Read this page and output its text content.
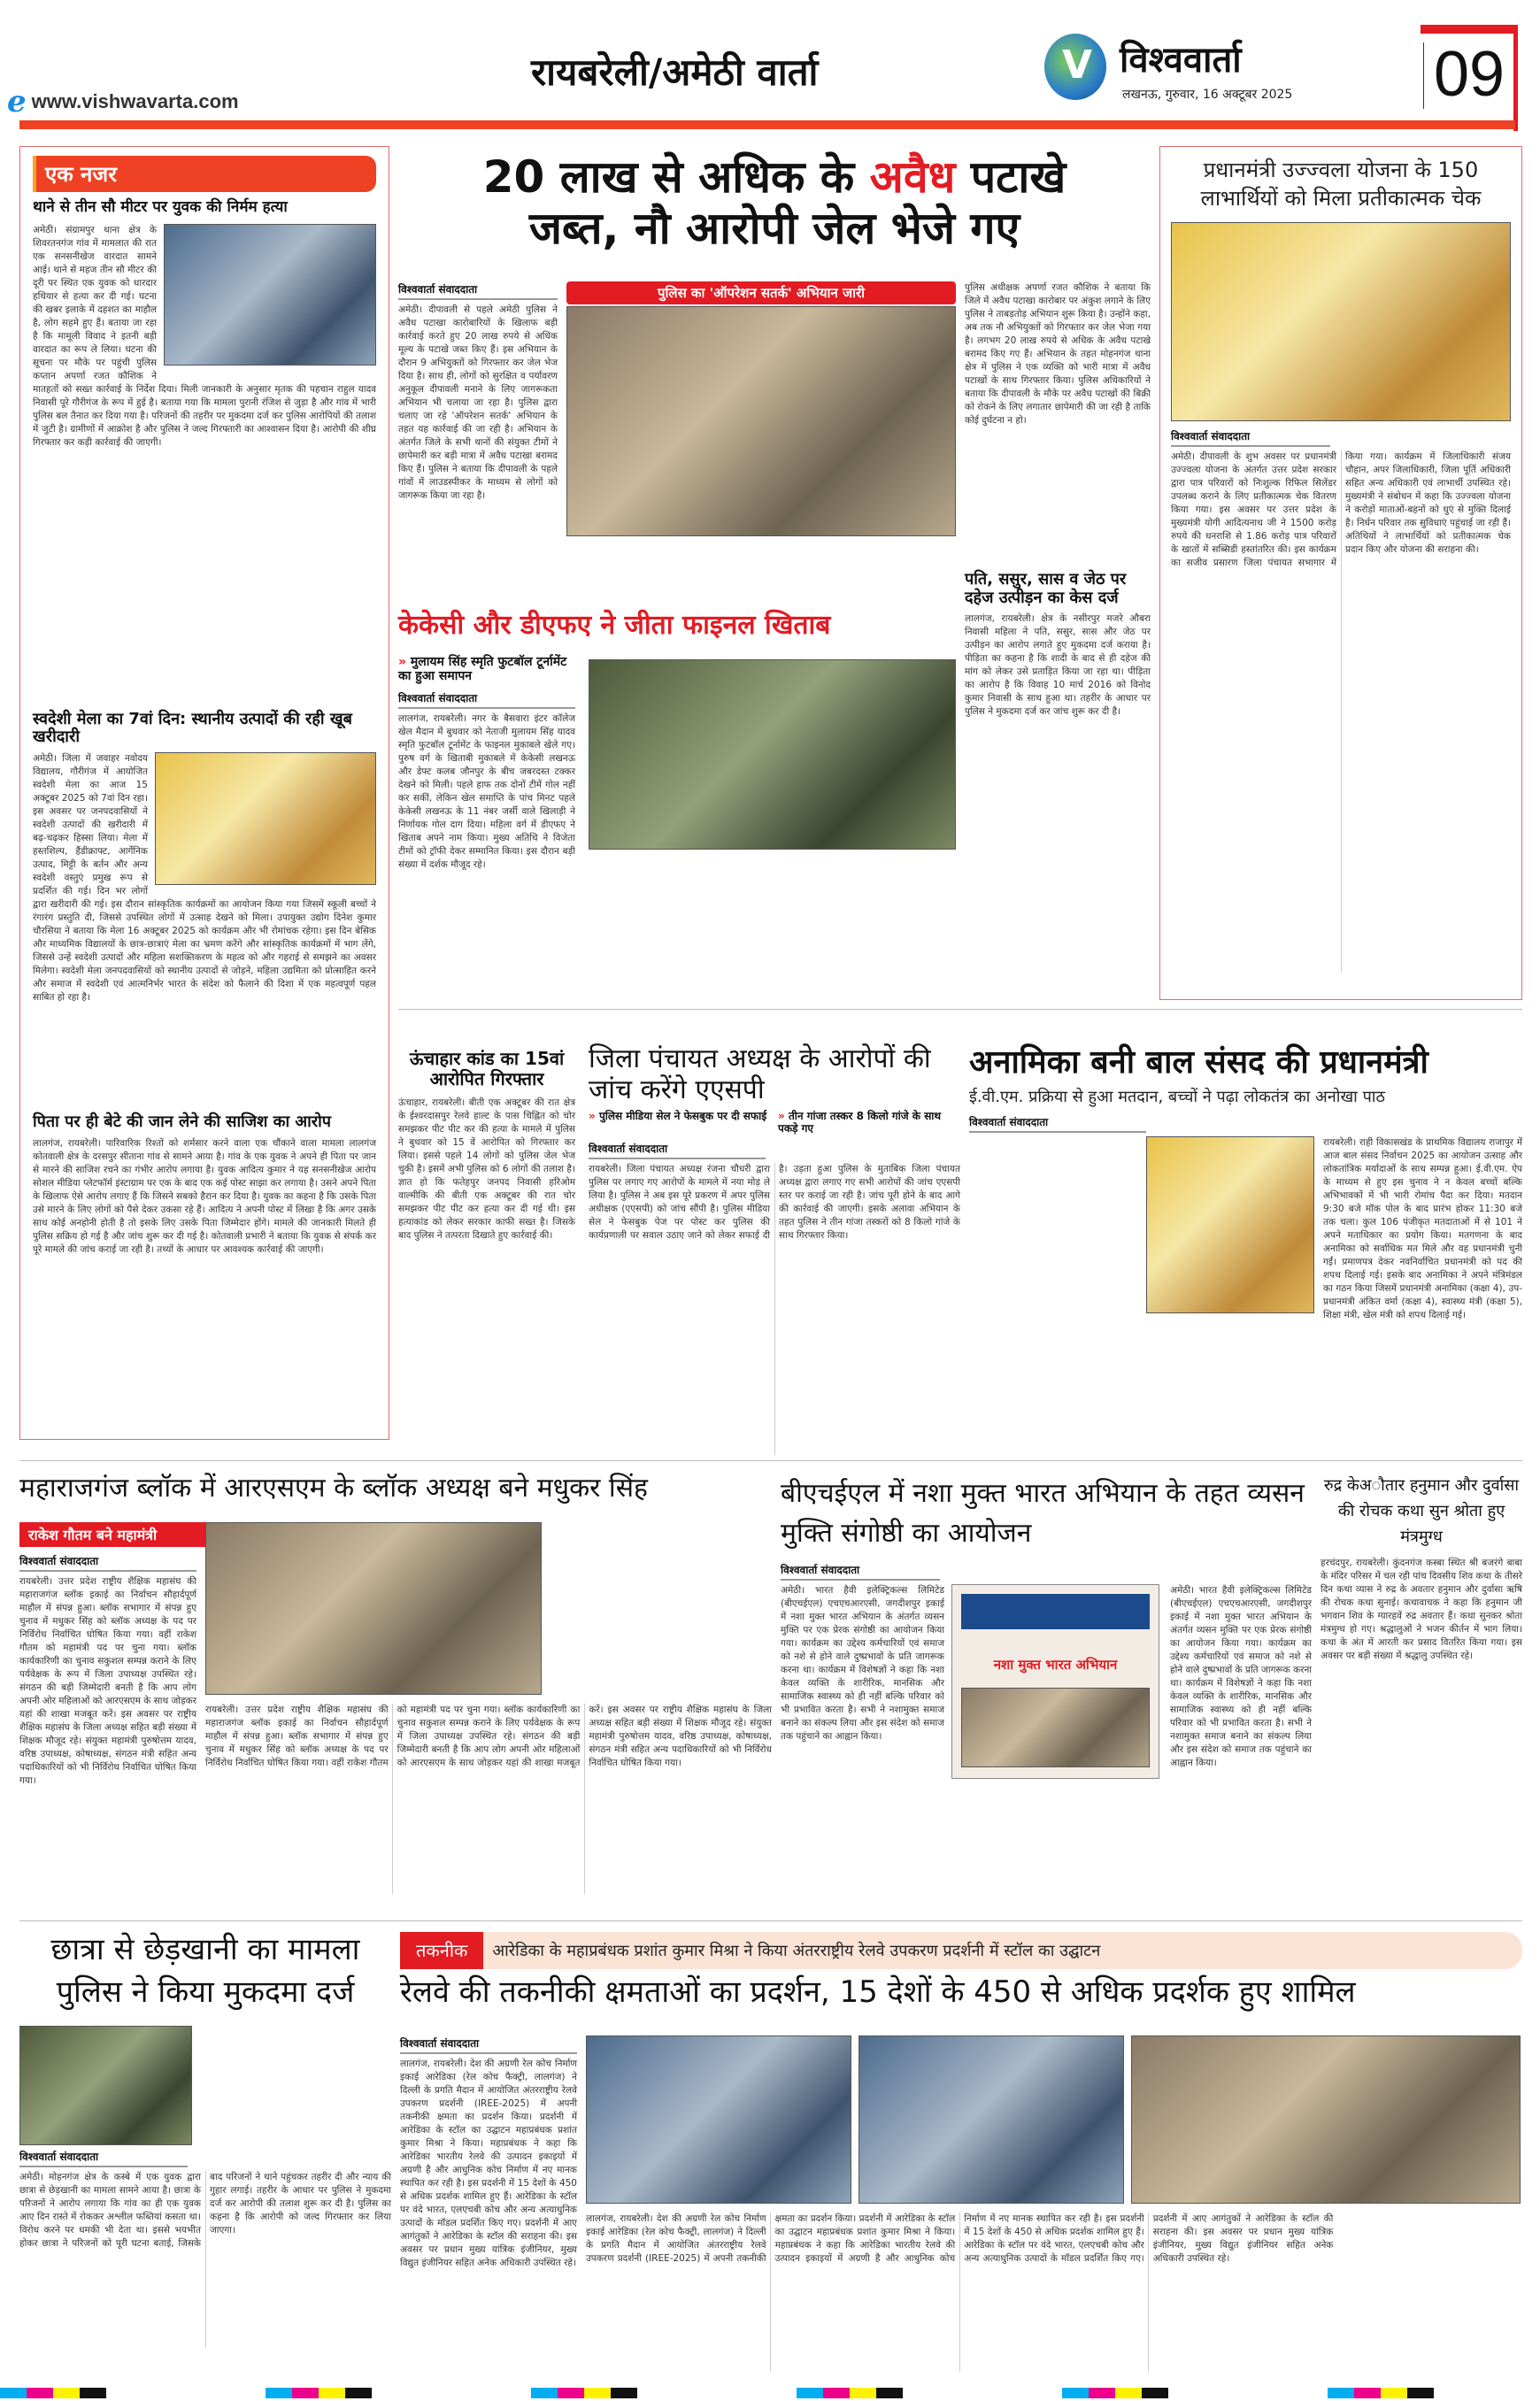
e www.vishwavarta.com
रायबरेली/अमेठी वार्ता	V विश्ववार्ता
लखनऊ, गुरुवार, 16 अक्टूबर 2025 09
एक नजर
थाने से तीन सौ मीटर पर युवक की निर्मम हत्या
अमेठी। संग्रामपुर थाना क्षेत्र के शिवरतनगंज गांव में मामलात की रात एक सनसनीखेज वारदात सामने आई। थाने से महज तीन सौ मीटर की दूरी पर स्थित एक युवक को धारदार हथियार से हत्या कर दी गई। घटना की खबर इलाके में दहशत का माहौल है, लोग सहमे हुए हैं। बताया जा रहा है कि मामूली विवाद ने इतनी बड़ी वारदात का रूप ले लिया। घटना की सूचना पर मौके पर पहुंची पुलिस कप्तान अपर्णा रजत कौशिक ने मातहतों को सख्त कार्रवाई के निर्देश दिया। मिली जानकारी के अनुसार मृतक की पहचान राहुल यादव निवासी पूरे गौरीगंज के रूप में हुई है। बताया गया कि मामला पुरानी रंजिश से जुड़ा है और गांव में भारी पुलिस बल तैनात कर दिया गया है। परिजनों की तहरीर पर मुकदमा दर्ज कर पुलिस आरोपियों की तलाश में जुटी है। ग्रामीणों में आक्रोश है और पुलिस ने जल्द गिरफ्तारी का आश्वासन दिया है। आरोपी की शीघ्र गिरफ्तार कर कड़ी कार्रवाई की जाएगी।
स्वदेशी मेला का 7वां दिन: स्थानीय उत्पादों की रही खूब खरीदारी
अमेठी। जिला में जवाहर नवोदय विद्यालय, गौरीगंज में आयोजित स्वदेशी मेला का आज 15 अक्टूबर 2025 को 7वां दिन रहा। इस अवसर पर जनपदवासियों ने स्वदेशी उत्पादों की खरीदारी में बढ़-चढ़कर हिस्सा लिया। मेला में हस्तशिल्प, हैंडीक्राफ्ट, आर्गेनिक उत्पाद, मिट्टी के बर्तन और अन्य स्वदेशी वस्तुएं प्रमुख रूप से प्रदर्शित की गई। दिन भर लोगों द्वारा खरीदारी की गई। इस दौरान सांस्कृतिक कार्यक्रमों का आयोजन किया गया जिसमें स्कूली बच्चों ने रंगारंग प्रस्तुति दी, जिससे उपस्थित लोगों में उत्साह देखने को मिला। उपायुक्त उद्योग दिनेश कुमार चौरसिया ने बताया कि मेला 16 अक्टूबर 2025 को कार्यक्रम और भी रोमांचक रहेगा। इस दिन बेसिक और माध्यमिक विद्यालयों के छात्र-छात्राएं मेला का भ्रमण करेंगे और सांस्कृतिक कार्यक्रमों में भाग लेंगे, जिससे उन्हें स्वदेशी उत्पादों और महिला सशक्तिकरण के महत्व को और गहराई से समझने का अवसर मिलेगा। स्वदेशी मेला जनपदवासियों को स्थानीय उत्पादों से जोड़ने, महिला उद्यमिता को प्रोत्साहित करने और समाज में स्वदेशी एवं आत्मनिर्भर भारत के संदेश को फैलाने की दिशा में एक महत्वपूर्ण पहल साबित हो रहा है।
पिता पर ही बेटे की जान लेने की साजिश का आरोप
लालगंज, रायबरेली। पारिवारिक रिश्तों को शर्मसार करने वाला एक चौंकाने वाला मामला लालगंज कोतवाली क्षेत्र के दरसपुर सीताना गांव से सामने आया है। गांव के एक युवक ने अपने ही पिता पर जान से मारने की साजिश रचने का गंभीर आरोप लगाया है। युवक आदित्य कुमार ने यह सनसनीखेज आरोप सोशल मीडिया प्लेटफॉर्म इंस्टाग्राम पर एक के बाद एक कई पोस्ट साझा कर लगाया है। उसने अपने पिता के खिलाफ ऐसे आरोप लगाए हैं कि जिसने सबको हैरान कर दिया है। युवक का कहना है कि उसके पिता उसे मारने के लिए लोगों को पैसे देकर उकसा रहे हैं। आदित्य ने अपनी पोस्ट में लिखा है कि अगर उसके साथ कोई अनहोनी होती है तो इसके लिए उसके पिता जिम्मेदार होंगे। मामले की जानकारी मिलते ही पुलिस सक्रिय हो गई है और जांच शुरू कर दी गई है। कोतवाली प्रभारी ने बताया कि युवक से संपर्क कर पूरे मामले की जांच कराई जा रही है। तथ्यों के आधार पर आवश्यक कार्रवाई की जाएगी।
20 लाख से अधिक के अवैध पटाखे
जब्त, नौ आरोपी जेल भेजे गए
विश्ववार्ता संवाददाता
अमेठी। दीपावली से पहले अमेठी पुलिस ने अवैध पटाखा कारोबारियों के खिलाफ बड़ी कार्रवाई करते हुए 20 लाख रुपये से अधिक मूल्य के पटाखे जब्त किए हैं। इस अभियान के दौरान 9 अभियुक्तों को गिरफ्तार कर जेल भेज दिया है। साथ ही, लोगों को सुरक्षित व पर्यावरण अनुकूल दीपावली मनाने के लिए जागरूकता अभियान भी चलाया जा रहा है। पुलिस द्वारा चलाए जा रहे 'ऑपरेशन सतर्क' अभियान के तहत यह कार्रवाई की जा रही है। अभियान के अंतर्गत जिले के सभी थानों की संयुक्त टीमों ने छापेमारी कर बड़ी मात्रा में अवैध पटाखा बरामद किए हैं। पुलिस ने बताया कि दीपावली के पहले गांवों में लाउडस्पीकर के माध्यम से लोगों को जागरूक किया जा रहा है।
पुलिस का 'ऑपरेशन सतर्क' अभियान जारी	पुलिस अधीक्षक अपर्णा रजत कौशिक ने बताया कि जिले में अवैध पटाखा कारोबार पर अंकुश लगाने के लिए पुलिस ने ताबड़तोड़ अभियान शुरू किया है। उन्होंने कहा, अब तक नौ अभियुक्तों को गिरफ्तार कर जेल भेजा गया है। लगभग 20 लाख रुपये से अधिक के अवैध पटाखे बरामद किए गए हैं। अभियान के तहत मोहनगंज थाना क्षेत्र में पुलिस ने एक व्यक्ति को भारी मात्रा में अवैध पटाखों के साथ गिरफ्तार किया। पुलिस अधिकारियों ने बताया कि दीपावली के मौके पर अवैध पटाखों की बिक्री को रोकने के लिए लगातार छापेमारी की जा रही है ताकि कोई दुर्घटना न हो।
केकेसी और डीएफए ने जीता फाइनल खिताब
» मुलायम सिंह स्मृति फुटबॉल टूर्नामेंट का हुआ समापन
विश्ववार्ता संवाददाता
लालगंज, रायबरेली। नगर के बैसवारा इंटर कॉलेज खेल मैदान में बुधवार को नेताजी मुलायम सिंह यादव स्मृति फुटबॉल टूर्नामेंट के फाइनल मुकाबले खेले गए। पुरुष वर्ग के खिताबी मुकाबले में केकेसी लखनऊ और डेफ्ट कलब जौनपुर के बीच जबरदस्त टक्कर देखने को मिली। पहले हाफ तक दोनों टीमें गोल नहीं कर सकीं, लेकिन खेल समाप्ति के पांच मिनट पहले केकेसी लखनऊ के 11 नंबर जर्सी वाले खिलाड़ी ने निर्णायक गोल दाग दिया। महिला वर्ग में डीएफए ने खिताब अपने नाम किया। मुख्य अतिथि ने विजेता टीमों को ट्रॉफी देकर सम्मानित किया। इस दौरान बड़ी संख्या में दर्शक मौजूद रहे।
पति, ससुर, सास व जेठ पर दहेज उत्पीड़न का केस दर्ज
लालगंज, रायबरेली। क्षेत्र के नसीरपुर मजरे औबरा निवासी महिला ने पति, ससुर, सास और जेठ पर उत्पीड़न का आरोप लगाते हुए मुकदमा दर्ज कराया है। पीड़िता का कहना है कि शादी के बाद से ही दहेज की मांग को लेकर उसे प्रताड़ित किया जा रहा था। पीड़िता का आरोप है कि विवाह 10 मार्च 2016 को विनोद कुमार निवासी के साथ हुआ था। तहरीर के आधार पर पुलिस ने मुकदमा दर्ज कर जांच शुरू कर दी है।
प्रधानमंत्री उज्ज्वला योजना के 150 लाभार्थियों को मिला प्रतीकात्मक चेक
विश्ववार्ता संवाददाता
अमेठी। दीपावली के शुभ अवसर पर प्रधानमंत्री उज्ज्वला योजना के अंतर्गत उत्तर प्रदेश सरकार द्वारा पात्र परिवारों को निःशुल्क रिफिल सिलेंडर उपलब्ध कराने के लिए प्रतीकात्मक चेक वितरण किया गया। इस अवसर पर उत्तर प्रदेश के मुख्यमंत्री योगी आदित्यनाथ जी ने 1500 करोड़ रुपये की धनराशि से 1.86 करोड़ पात्र परिवारों के खातों में सब्सिडी हस्तांतरित की। इस कार्यक्रम का सजीव प्रसारण जिला पंचायत सभागार में किया गया। कार्यक्रम में जिलाधिकारी संजय चौहान, अपर जिलाधिकारी, जिला पूर्ति अधिकारी सहित अन्य अधिकारी एवं लाभार्थी उपस्थित रहे। मुख्यमंत्री ने संबोधन में कहा कि उज्ज्वला योजना ने करोड़ों माताओं-बहनों को धुएं से मुक्ति दिलाई है। निर्धन परिवार तक सुविधाएं पहुंचाई जा रही हैं। अतिथियों ने लाभार्थियों को प्रतीकात्मक चेक प्रदान किए और योजना की सराहना की।
ऊंचाहार कांड का 15वां आरोपित गिरफ्तार
ऊंचाहार, रायबरेली। बीती एक अक्टूबर की रात क्षेत्र के ईश्वरदासपुर रेलवे हाल्ट के पास चिह्नित को चोर समझकर पीट पीट कर की हत्या के मामले में पुलिस ने बुधवार को 15 वें आरोपित को गिरफ्तार कर लिया। इससे पहले 14 लोगों को पुलिस जेल भेज चुकी है। इसमें अभी पुलिस को 6 लोगों की तलाश है। ज्ञात हो कि फतेहपुर जनपद निवासी हरिओम वाल्मीकि की बीती एक अक्टूबर की रात चोर समझकर पीट पीट कर हत्या कर दी गई थी। इस हत्याकांड को लेकर सरकार काफी सख्त है। जिसके बाद पुलिस ने तत्परता दिखाते हुए कार्रवाई की।
जिला पंचायत अध्यक्ष के आरोपों की जांच करेंगे एएसपी
» पुलिस मीडिया सेल ने फेसबुक पर दी सफाई	» तीन गांजा तस्कर 8 किलो गांजे के साथ पकड़े गए
विश्ववार्ता संवाददाता
रायबरेली। जिला पंचायत अध्यक्ष रंजना चौधरी द्वारा पुलिस पर लगाए गए आरोपों के मामले में नया मोड़ ले लिया है। पुलिस ने अब इस पूरे प्रकरण में अपर पुलिस अधीक्षक (एएसपी) को जांच सौंपी है। पुलिस मीडिया सेल ने फेसबुक पेज पर पोस्ट कर पुलिस की कार्यप्रणाली पर सवाल उठाए जाने को लेकर सफाई दी है। उड़ता हुआ पुलिस के मुताबिक जिला पंचायत अध्यक्ष द्वारा लगाए गए सभी आरोपों की जांच एएसपी स्तर पर कराई जा रही है। जांच पूरी होने के बाद आगे की कार्रवाई की जाएगी। इसके अलावा अभियान के तहत पुलिस ने तीन गांजा तस्करों को 8 किलो गांजे के साथ गिरफ्तार किया।
अनामिका बनी बाल संसद की प्रधानमंत्री
ई.वी.एम. प्रक्रिया से हुआ मतदान, बच्चों ने पढ़ा लोकतंत्र का अनोखा पाठ
विश्ववार्ता संवाददाता
रायबरेली। राही विकासखंड के प्राथमिक विद्यालय राजापुर में आज बाल संसद निर्वाचन 2025 का आयोजन उत्साह और लोकतांत्रिक मर्यादाओं के साथ सम्पन्न हुआ। ई.वी.एम. ऐप के माध्यम से हुए इस चुनाव ने न केवल बच्चों बल्कि अभिभावकों में भी भारी रोमांच पैदा कर दिया। मतदान 9:30 बजे मॉक पोल के बाद प्रारंभ होकर 11:30 बजे तक चला। कुल 106 पंजीकृत मतदाताओं में से 101 ने अपने मताधिकार का प्रयोग किया। मतगणना के बाद अनामिका को सर्वाधिक मत मिले और वह प्रधानमंत्री चुनी गईं। प्रमाणपत्र देकर नवनिर्वाचित प्रधानमंत्री को पद की शपथ दिलाई गई। इसके बाद अनामिका ने अपने मंत्रिमंडल का गठन किया जिसमें प्रधानमंत्री अनामिका (कक्षा 4), उप-प्रधानमंत्री अंकित वर्मा (कक्षा 4), स्वास्थ्य मंत्री (कक्षा 5), शिक्षा मंत्री, खेल मंत्री को शपथ दिलाई गई।
महाराजगंज ब्लॉक में आरएसएम के ब्लॉक अध्यक्ष बने मधुकर सिंह
राकेश गौतम बने महामंत्री
विश्ववार्ता संवाददाता
रायबरेली। उत्तर प्रदेश राष्ट्रीय शैक्षिक महासंघ की महाराजगंज ब्लॉक इकाई का निर्वाचन सौहार्दपूर्ण माहौल में संपन्न हुआ। ब्लॉक सभागार में संपन्न हुए चुनाव में मधुकर सिंह को ब्लॉक अध्यक्ष के पद पर निर्विरोध निर्वाचित घोषित किया गया। वहीं राकेश गौतम को महामंत्री पद पर चुना गया। ब्लॉक कार्यकारिणी का चुनाव सकुशल सम्पन्न कराने के लिए पर्यवेक्षक के रूप में जिला उपाध्यक्ष उपस्थित रहे। संगठन की बड़ी जिम्मेदारी बनती है कि आप लोग अपनी ओर महिलाओं को आरएसएम के साथ जोड़कर यहां की शाखा मजबूत करें। इस अवसर पर राष्ट्रीय शैक्षिक महासंघ के जिला अध्यक्ष सहित बड़ी संख्या में शिक्षक मौजूद रहे। संयुक्त महामंत्री पुरुषोत्तम यादव, वरिष्ठ उपाध्यक्ष, कोषाध्यक्ष, संगठन मंत्री सहित अन्य पदाधिकारियों को भी निर्विरोध निर्वाचित घोषित किया गया।
रायबरेली। उत्तर प्रदेश राष्ट्रीय शैक्षिक महासंघ की महाराजगंज ब्लॉक इकाई का निर्वाचन सौहार्दपूर्ण माहौल में संपन्न हुआ। ब्लॉक सभागार में संपन्न हुए चुनाव में मधुकर सिंह को ब्लॉक अध्यक्ष के पद पर निर्विरोध निर्वाचित घोषित किया गया। वहीं राकेश गौतम को महामंत्री पद पर चुना गया। ब्लॉक कार्यकारिणी का चुनाव सकुशल सम्पन्न कराने के लिए पर्यवेक्षक के रूप में जिला उपाध्यक्ष उपस्थित रहे। संगठन की बड़ी जिम्मेदारी बनती है कि आप लोग अपनी ओर महिलाओं को आरएसएम के साथ जोड़कर यहां की शाखा मजबूत करें। इस अवसर पर राष्ट्रीय शैक्षिक महासंघ के जिला अध्यक्ष सहित बड़ी संख्या में शिक्षक मौजूद रहे। संयुक्त महामंत्री पुरुषोत्तम यादव, वरिष्ठ उपाध्यक्ष, कोषाध्यक्ष, संगठन मंत्री सहित अन्य पदाधिकारियों को भी निर्विरोध निर्वाचित घोषित किया गया।
बीएचईएल में नशा मुक्त भारत अभियान के तहत व्यसन मुक्ति संगोष्ठी का आयोजन
विश्ववार्ता संवाददाता
अमेठी। भारत हैवी इलेक्ट्रिकल्स लिमिटेड (बीएचईएल) एचएचआरएसी, जगदीशपुर इकाई में नशा मुक्त भारत अभियान के अंतर्गत व्यसन मुक्ति पर एक प्रेरक संगोष्ठी का आयोजन किया गया। कार्यक्रम का उद्देश्य कर्मचारियों एवं समाज को नशे से होने वाले दुष्प्रभावों के प्रति जागरूक करना था। कार्यक्रम में विशेषज्ञों ने कहा कि नशा केवल व्यक्ति के शारीरिक, मानसिक और सामाजिक स्वास्थ्य को ही नहीं बल्कि परिवार को भी प्रभावित करता है। सभी ने नशामुक्त समाज बनाने का संकल्प लिया और इस संदेश को समाज तक पहुंचाने का आह्वान किया।
नशा मुक्त भारत अभियान
अमेठी। भारत हैवी इलेक्ट्रिकल्स लिमिटेड (बीएचईएल) एचएचआरएसी, जगदीशपुर इकाई में नशा मुक्त भारत अभियान के अंतर्गत व्यसन मुक्ति पर एक प्रेरक संगोष्ठी का आयोजन किया गया। कार्यक्रम का उद्देश्य कर्मचारियों एवं समाज को नशे से होने वाले दुष्प्रभावों के प्रति जागरूक करना था। कार्यक्रम में विशेषज्ञों ने कहा कि नशा केवल व्यक्ति के शारीरिक, मानसिक और सामाजिक स्वास्थ्य को ही नहीं बल्कि परिवार को भी प्रभावित करता है। सभी ने नशामुक्त समाज बनाने का संकल्प लिया और इस संदेश को समाज तक पहुंचाने का आह्वान किया।
रुद्र केअौतार हनुमान और दुर्वासा की रोचक कथा सुन श्रोता हुए मंत्रमुग्ध
हरचंदपुर, रायबरेली। कुंदनगंज कस्बा स्थित श्री बजरंगे बाबा के मंदिर परिसर में चल रही पांच दिवसीय शिव कथा के तीसरे दिन कथा व्यास ने रुद्र के अवतार हनुमान और दुर्वासा ऋषि की रोचक कथा सुनाई। कथावाचक ने कहा कि हनुमान जी भगवान शिव के ग्यारहवें रुद्र अवतार हैं। कथा सुनकर श्रोता मंत्रमुग्ध हो गए। श्रद्धालुओं ने भजन कीर्तन में भाग लिया। कथा के अंत में आरती कर प्रसाद वितरित किया गया। इस अवसर पर बड़ी संख्या में श्रद्धालु उपस्थित रहे।
छात्रा से छेड़खानी का मामला पुलिस ने किया मुकदमा दर्ज
विश्ववार्ता संवाददाता
अमेठी। मोहनगंज क्षेत्र के कस्बे में एक युवक द्वारा छात्रा से छेड़खानी का मामला सामने आया है। छात्रा के परिजनों ने आरोप लगाया कि गांव का ही एक युवक आए दिन रास्ते में रोककर अश्लील फब्तियां कसता था। विरोध करने पर धमकी भी देता था। इससे भयभीत होकर छात्रा ने परिजनों को पूरी घटना बताई, जिसके बाद परिजनों ने थाने पहुंचकर तहरीर दी और न्याय की गुहार लगाई। तहरीर के आधार पर पुलिस ने मुकदमा दर्ज कर आरोपी की तलाश शुरू कर दी है। पुलिस का कहना है कि आरोपी को जल्द गिरफ्तार कर लिया जाएगा।
तकनीक	आरेडिका के महाप्रबंधक प्रशांत कुमार मिश्रा ने किया अंतरराष्ट्रीय रेलवे उपकरण प्रदर्शनी में स्टॉल का उद्घाटन
रेलवे की तकनीकी क्षमताओं का प्रदर्शन, 15 देशों के 450 से अधिक प्रदर्शक हुए शामिल
विश्ववार्ता संवाददाता
लालगंज, रायबरेली। देश की अग्रणी रेल कोच निर्माण इकाई आरेडिका (रेल कोच फैक्ट्री, लालगंज) ने दिल्ली के प्रगति मैदान में आयोजित अंतरराष्ट्रीय रेलवे उपकरण प्रदर्शनी (IREE-2025) में अपनी तकनीकी क्षमता का प्रदर्शन किया। प्रदर्शनी में आरेडिका के स्टॉल का उद्घाटन महाप्रबंधक प्रशांत कुमार मिश्रा ने किया। महाप्रबंधक ने कहा कि आरेडिका भारतीय रेलवे की उत्पादन इकाइयों में अग्रणी है और आधुनिक कोच निर्माण में नए मानक स्थापित कर रही है। इस प्रदर्शनी में 15 देशों के 450 से अधिक प्रदर्शक शामिल हुए हैं। आरेडिका के स्टॉल पर वंदे भारत, एलएचबी कोच और अन्य अत्याधुनिक उत्पादों के मॉडल प्रदर्शित किए गए। प्रदर्शनी में आए आगंतुकों ने आरेडिका के स्टॉल की सराहना की। इस अवसर पर प्रधान मुख्य यांत्रिक इंजीनियर, मुख्य विद्युत इंजीनियर सहित अनेक अधिकारी उपस्थित रहे।
लालगंज, रायबरेली। देश की अग्रणी रेल कोच निर्माण इकाई आरेडिका (रेल कोच फैक्ट्री, लालगंज) ने दिल्ली के प्रगति मैदान में आयोजित अंतरराष्ट्रीय रेलवे उपकरण प्रदर्शनी (IREE-2025) में अपनी तकनीकी क्षमता का प्रदर्शन किया। प्रदर्शनी में आरेडिका के स्टॉल का उद्घाटन महाप्रबंधक प्रशांत कुमार मिश्रा ने किया। महाप्रबंधक ने कहा कि आरेडिका भारतीय रेलवे की उत्पादन इकाइयों में अग्रणी है और आधुनिक कोच निर्माण में नए मानक स्थापित कर रही है। इस प्रदर्शनी में 15 देशों के 450 से अधिक प्रदर्शक शामिल हुए हैं। आरेडिका के स्टॉल पर वंदे भारत, एलएचबी कोच और अन्य अत्याधुनिक उत्पादों के मॉडल प्रदर्शित किए गए। प्रदर्शनी में आए आगंतुकों ने आरेडिका के स्टॉल की सराहना की। इस अवसर पर प्रधान मुख्य यांत्रिक इंजीनियर, मुख्य विद्युत इंजीनियर सहित अनेक अधिकारी उपस्थित रहे।
